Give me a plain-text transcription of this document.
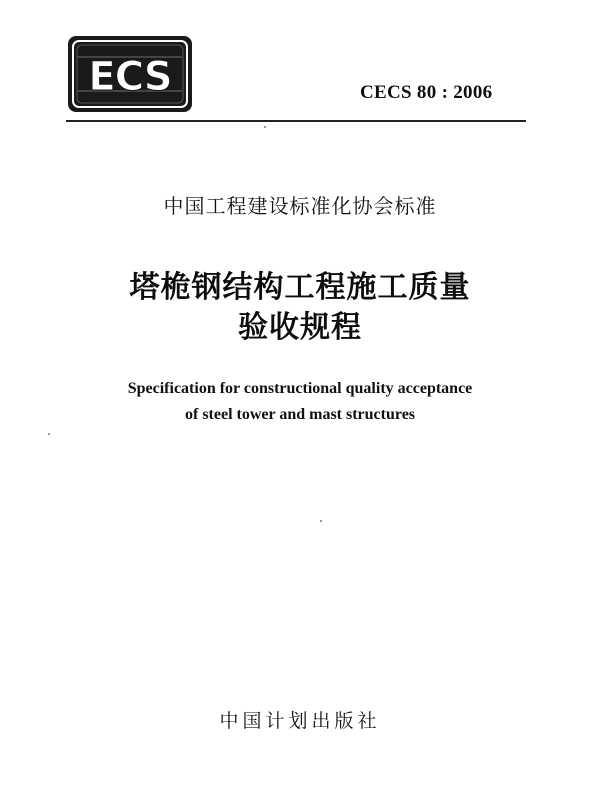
ECS	CECS 80 : 2006
中国工程建设标准化协会标准
塔桅钢结构工程施工质量
验收规程
Specification for constructional quality acceptance
of steel tower and mast structures
中国计划出版社
